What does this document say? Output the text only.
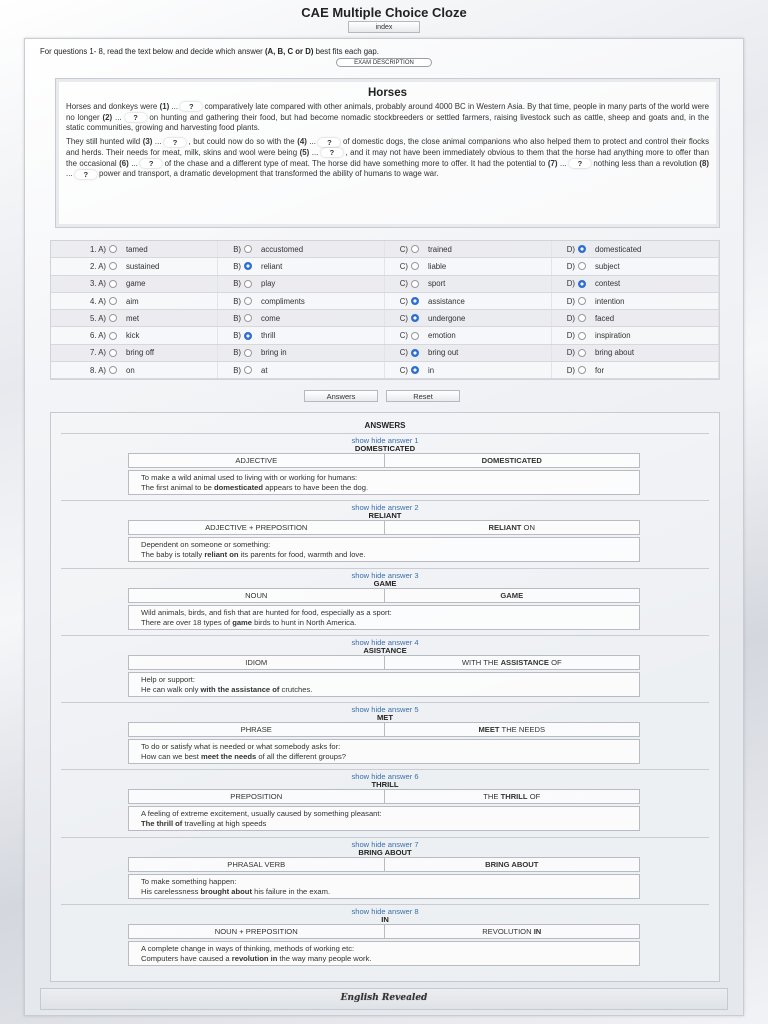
CAE Multiple Choice Cloze
index
For questions 1- 8, read the text below and decide which answer (A, B, C or D) best fits each gap.
EXAM DESCRIPTION
Horses
Horses and donkeys were (1) ... ? comparatively late compared with other animals, probably around 4000 BC in Western Asia. By that time, people in many parts of the world were no longer (2) ... ? on hunting and gathering their food, but had become nomadic stockbreeders or settled farmers, raising livestock such as cattle, sheep and goats and, in the static communities, growing and harvesting food plants.
They still hunted wild (3) ... ? , but could now do so with the (4) ... ? of domestic dogs, the close animal companions who also helped them to protect and control their flocks and herds. Their needs for meat, milk, skins and wool were being (5) ... ? , and it may not have been immediately obvious to them that the horse had anything more to offer than the occasional (6) ... ? of the chase and a different type of meat. The horse did have something more to offer. It had the potential to (7) ... ? nothing less than a revolution (8) ... ? power and transport, a dramatic development that transformed the ability of humans to wage war.
1. A)	tamed	B)	accustomed	C)	trained	D)	domesticated
2. A)	sustained	B)	reliant	C)	liable	D)	subject
3. A)	game	B)	play	C)	sport	D)	contest
4. A)	aim	B)	compliments	C)	assistance	D)	intention
5. A)	met	B)	come	C)	undergone	D)	faced
6. A)	kick	B)	thrill	C)	emotion	D)	inspiration
7. A)	bring off	B)	bring in	C)	bring out	D)	bring about
8. A)	on	B)	at	C)	in	D)	for
Answers	Reset
ANSWERS
show hide answer 1
DOMESTICATED
ADJECTIVE	DOMESTICATED
To make a wild animal used to living with or working for humans:
The first animal to be domesticated appears to have been the dog.
show hide answer 2
RELIANT
ADJECTIVE + PREPOSITION	RELIANT ON
Dependent on someone or something:
The baby is totally reliant on its parents for food, warmth and love.
show hide answer 3
GAME
NOUN	GAME
Wild animals, birds, and fish that are hunted for food, especially as a sport:
There are over 18 types of game birds to hunt in North America.
show hide answer 4
ASISTANCE
IDIOM	WITH THE ASSISTANCE OF
Help or support:
He can walk only with the assistance of crutches.
show hide answer 5
MET
PHRASE	MEET THE NEEDS
To do or satisfy what is needed or what somebody asks for:
How can we best meet the needs of all the different groups?
show hide answer 6
THRILL
PREPOSITION	THE THRILL OF
A feeling of extreme excitement, usually caused by something pleasant:
The thrill of travelling at high speeds
show hide answer 7
BRING ABOUT
PHRASAL VERB	BRING ABOUT
To make something happen:
His carelessness brought about his failure in the exam.
show hide answer 8
IN
NOUN + PREPOSITION	REVOLUTION IN
A complete change in ways of thinking, methods of working etc:
Computers have caused a revolution in the way many people work.
English Revealed
